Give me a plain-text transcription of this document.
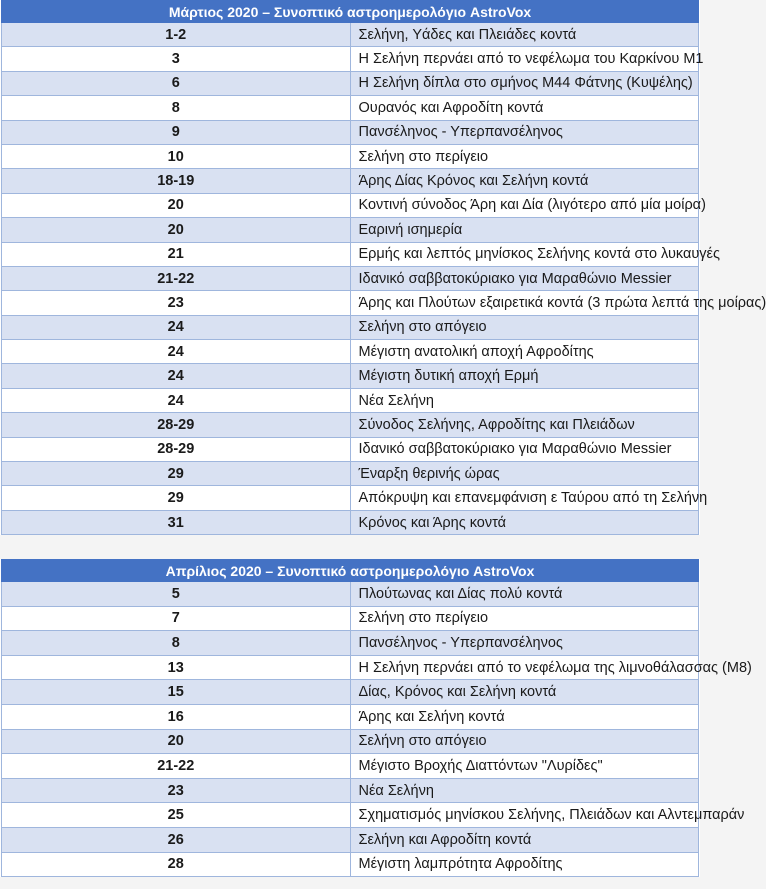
Μάρτιος 2020 – Συνοπτικό αστροημερολόγιο AstroVox	
1-2	Σελήνη, Υάδες και Πλειάδες κοντά
3	Η Σελήνη περνάει από το νεφέλωμα του Καρκίνου M1
6	Η Σελήνη δίπλα στο σμήνος M44 Φάτνης (Κυψέλης)
8	Ουρανός και Αφροδίτη κοντά
9	Πανσέληνος - Υπερπανσέληνος
10	Σελήνη στο περίγειο
18-19	Άρης Δίας Κρόνος και Σελήνη κοντά
20	Κοντινή σύνοδος Άρη και Δία (λιγότερο από μία μοίρα)
20	Εαρινή ισημερία
21	Ερμής και λεπτός μηνίσκος Σελήνης κοντά στο λυκαυγές
21-22	Ιδανικό σαββατοκύριακο για Μαραθώνιο Messier
23	Άρης και Πλούτων εξαιρετικά κοντά (3 πρώτα λεπτά της μοίρας)
24	Σελήνη στο απόγειο
24	Μέγιστη ανατολική αποχή Αφροδίτης
24	Μέγιστη δυτική αποχή Ερμή
24	Νέα Σελήνη
28-29	Σύνοδος Σελήνης, Αφροδίτης και Πλειάδων
28-29	Ιδανικό σαββατοκύριακο για Μαραθώνιο Messier
29	Έναρξη θερινής ώρας
29	Απόκρυψη και επανεμφάνιση ε Ταύρου από τη Σελήνη
31	Κρόνος και Άρης κοντά
Απρίλιος 2020 – Συνοπτικό αστροημερολόγιο AstroVox	
5	Πλούτωνας και Δίας πολύ κοντά
7	Σελήνη στο περίγειο
8	Πανσέληνος - Υπερπανσέληνος
13	Η Σελήνη περνάει από το νεφέλωμα της λιμνοθάλασσας (Μ8)
15	Δίας, Κρόνος και Σελήνη κοντά
16	Άρης και Σελήνη κοντά
20	Σελήνη στο απόγειο
21-22	Μέγιστο Βροχής Διαττόντων "Λυρίδες"
23	Νέα Σελήνη
25	Σχηματισμός μηνίσκου Σελήνης, Πλειάδων και Αλντεμπαράν
26	Σελήνη και Αφροδίτη κοντά
28	Μέγιστη λαμπρότητα Αφροδίτης
